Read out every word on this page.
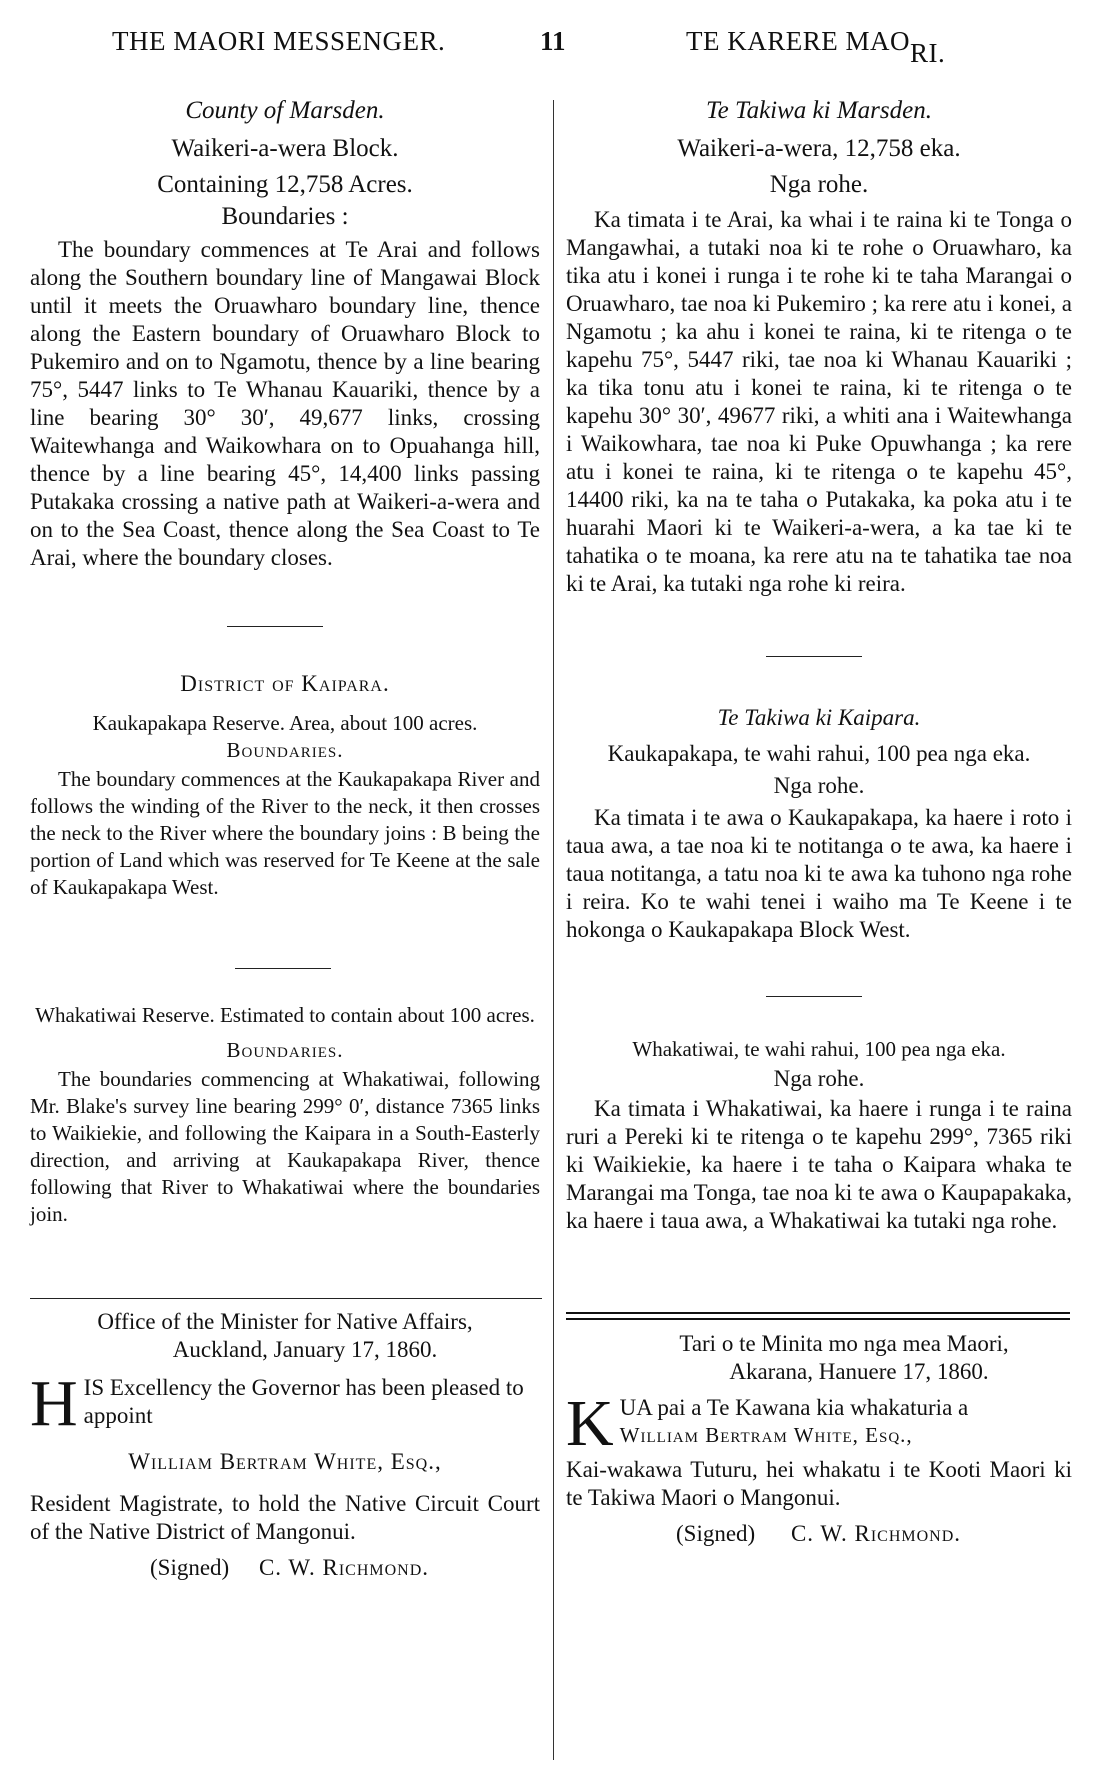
THE MAORI MESSENGER.	11	TE KARERE MAORI.

County of Marsden.

Waikeri-a-wera Block.

Containing 12,758 Acres.

Boundaries :

The boundary commences at Te Arai and follows along the Southern boundary line of Mangawai Block until it meets the Oruawharo boundary line, thence along the Eastern boundary of Oruawharo Block to Pukemiro and on to Ngamotu, thence by a line bearing 75°, 5447 links to Te Whanau Kauariki, thence by a line bearing 30° 30′, 49,677 links, crossing Waitewhanga and Waikowhara on to Opuahanga hill, thence by a line bearing 45°, 14,400 links passing Putakaka crossing a native path at Waikeri-a-wera and on to the Sea Coast, thence along the Sea Coast to Te Arai, where the boundary closes.

District of Kaipara.

Kaukapakapa Reserve. Area, about 100 acres.

Boundaries.

The boundary commences at the Kaukapakapa River and follows the winding of the River to the neck, it then crosses the neck to the River where the boundary joins : B being the portion of Land which was reserved for Te Keene at the sale of Kaukapakapa West.

Whakatiwai Reserve. Estimated to contain about 100 acres.

Boundaries.

The boundaries commencing at Whakatiwai, following Mr. Blake's survey line bearing 299° 0′, distance 7365 links to Waikiekie, and following the Kaipara in a South-Easterly direction, and arriving at Kaukapakapa River, thence following that River to Whakatiwai where the boundaries join.

Office of the Minister for Native Affairs,

Auckland, January 17, 1860.

H IS Excellency the Governor has been pleased to appoint

William Bertram White, Esq.,

Resident Magistrate, to hold the Native Circuit Court of the Native District of Mangonui.

(Signed) C. W. Richmond.

Te Takiwa ki Marsden.

Waikeri-a-wera, 12,758 eka.

Nga rohe.

Ka timata i te Arai, ka whai i te raina ki te Tonga o Mangawhai, a tutaki noa ki te rohe o Oruawharo, ka tika atu i konei i runga i te rohe ki te taha Marangai o Oruawharo, tae noa ki Pukemiro ; ka rere atu i konei, a Ngamotu ; ka ahu i konei te raina, ki te ritenga o te kapehu 75°, 5447 riki, tae noa ki Whanau Kauariki ; ka tika tonu atu i konei te raina, ki te ritenga o te kapehu 30° 30′, 49677 riki, a whiti ana i Waitewhanga i Waikowhara, tae noa ki Puke Opuwhanga ; ka rere atu i konei te raina, ki te ritenga o te kapehu 45°, 14400 riki, ka na te taha o Putakaka, ka poka atu i te huarahi Maori ki te Waikeri-a-wera, a ka tae ki te tahatika o te moana, ka rere atu na te tahatika tae noa ki te Arai, ka tutaki nga rohe ki reira.

Te Takiwa ki Kaipara.

Kaukapakapa, te wahi rahui, 100 pea nga eka.

Nga rohe.

Ka timata i te awa o Kaukapakapa, ka haere i roto i taua awa, a tae noa ki te notitanga o te awa, ka haere i taua notitanga, a tatu noa ki te awa ka tuhono nga rohe i reira. Ko te wahi tenei i waiho ma Te Keene i te hokonga o Kaukapakapa Block West.

Whakatiwai, te wahi rahui, 100 pea nga eka.

Nga rohe.

Ka timata i Whakatiwai, ka haere i runga i te raina ruri a Pereki ki te ritenga o te kapehu 299°, 7365 riki ki Waikiekie, ka haere i te taha o Kaipara whaka te Marangai ma Tonga, tae noa ki te awa o Kaupapakaka, ka haere i taua awa, a Whakatiwai ka tutaki nga rohe.

Tari o te Minita mo nga mea Maori,

Akarana, Hanuere 17, 1860.

K UA pai a Te Kawana kia whakaturia a

William Bertram White, Esq.,

Kai-wakawa Tuturu, hei whakatu i te Kooti Maori ki te Takiwa Maori o Mangonui.

(Signed) C. W. Richmond.
